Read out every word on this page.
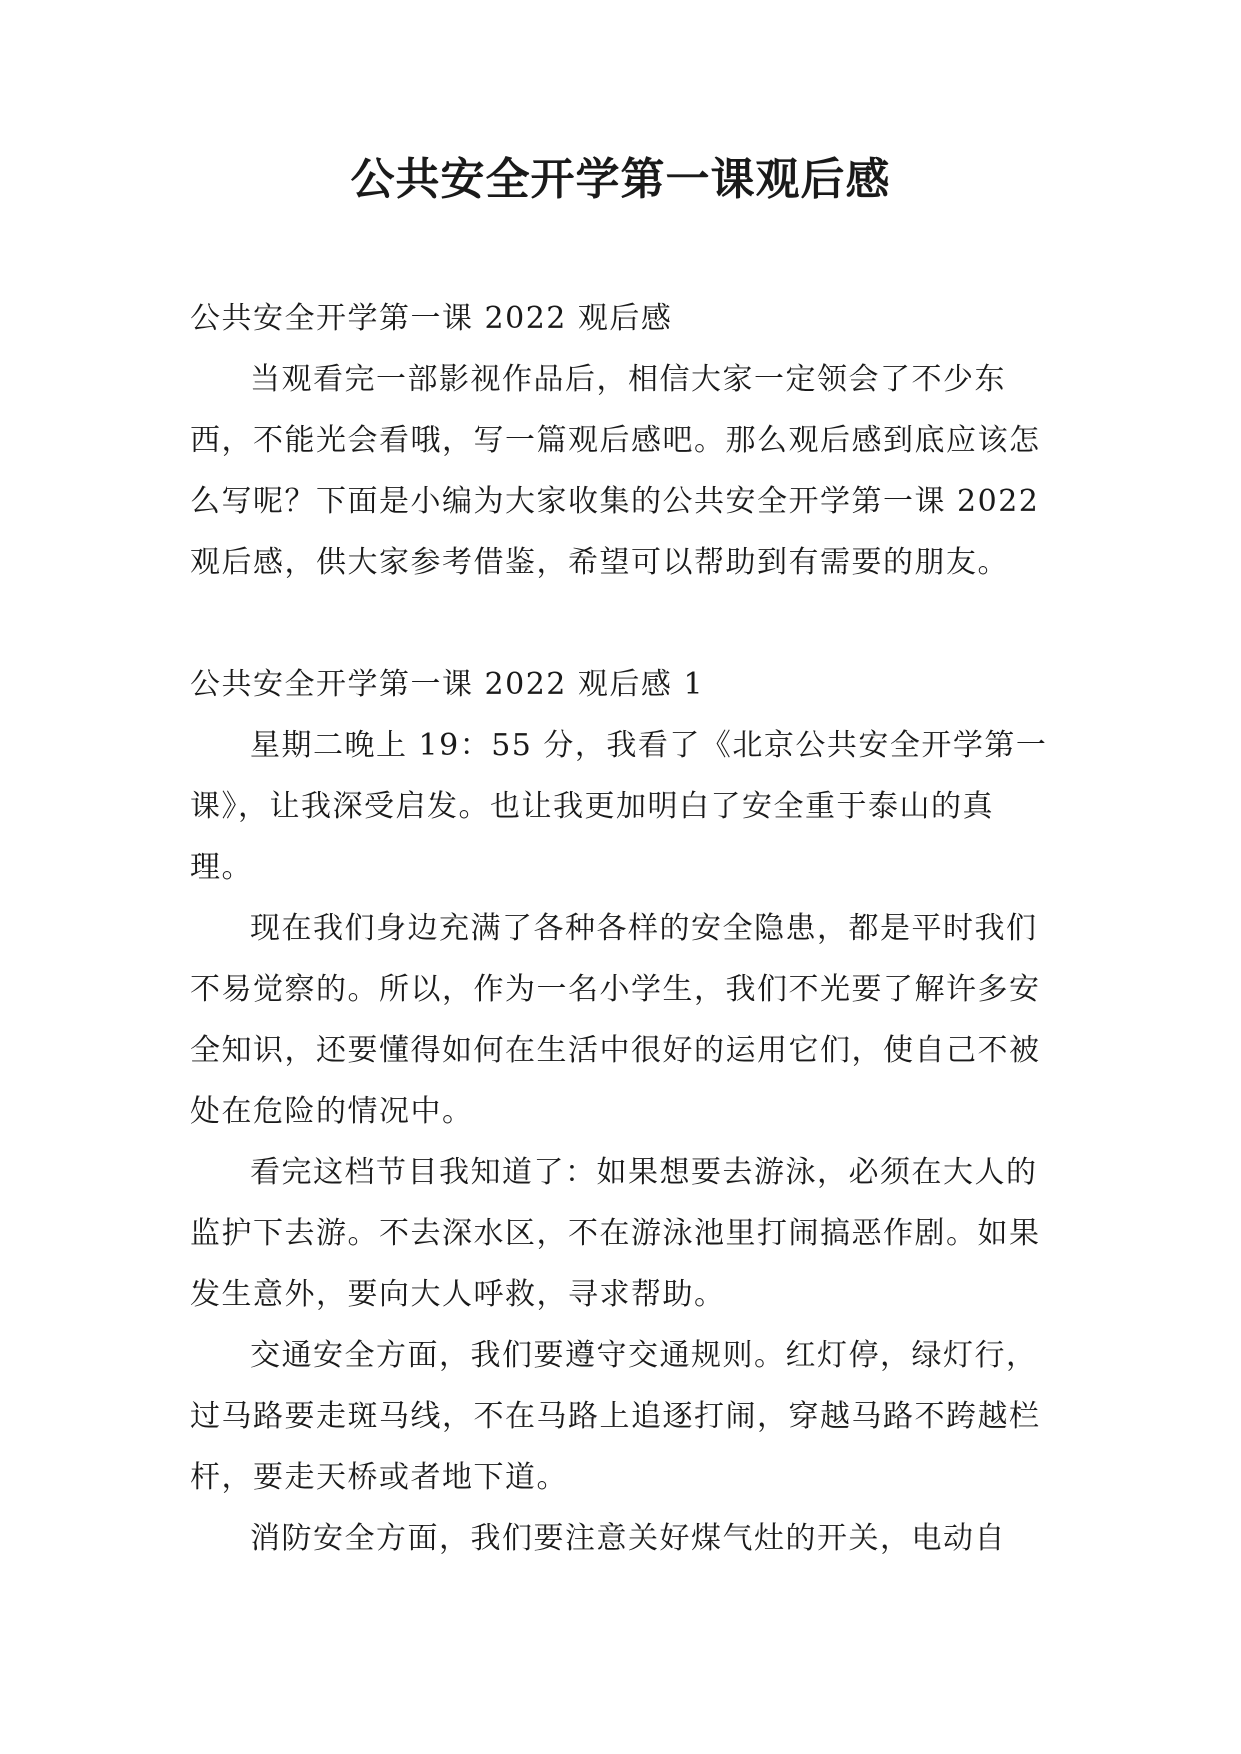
公共安全开学第一课观后感

公共安全开学第一课 2022 观后感

当观看完一部影视作品后，相信大家一定领会了不少东西，不能光会看哦，写一篇观后感吧。那么观后感到底应该怎么写呢？下面是小编为大家收集的公共安全开学第一课 2022 观后感，供大家参考借鉴，希望可以帮助到有需要的朋友。

公共安全开学第一课 2022 观后感 1

星期二晚上 19：55 分，我看了《北京公共安全开学第一课》，让我深受启发。也让我更加明白了安全重于泰山的真理。

现在我们身边充满了各种各样的安全隐患，都是平时我们不易觉察的。所以，作为一名小学生，我们不光要了解许多安全知识，还要懂得如何在生活中很好的运用它们，使自己不被处在危险的情况中。

看完这档节目我知道了：如果想要去游泳，必须在大人的监护下去游。不去深水区，不在游泳池里打闹搞恶作剧。如果发生意外，要向大人呼救，寻求帮助。

交通安全方面，我们要遵守交通规则。红灯停，绿灯行，过马路要走斑马线，不在马路上追逐打闹，穿越马路不跨越栏杆，要走天桥或者地下道。

消防安全方面，我们要注意关好煤气灶的开关，电动自
